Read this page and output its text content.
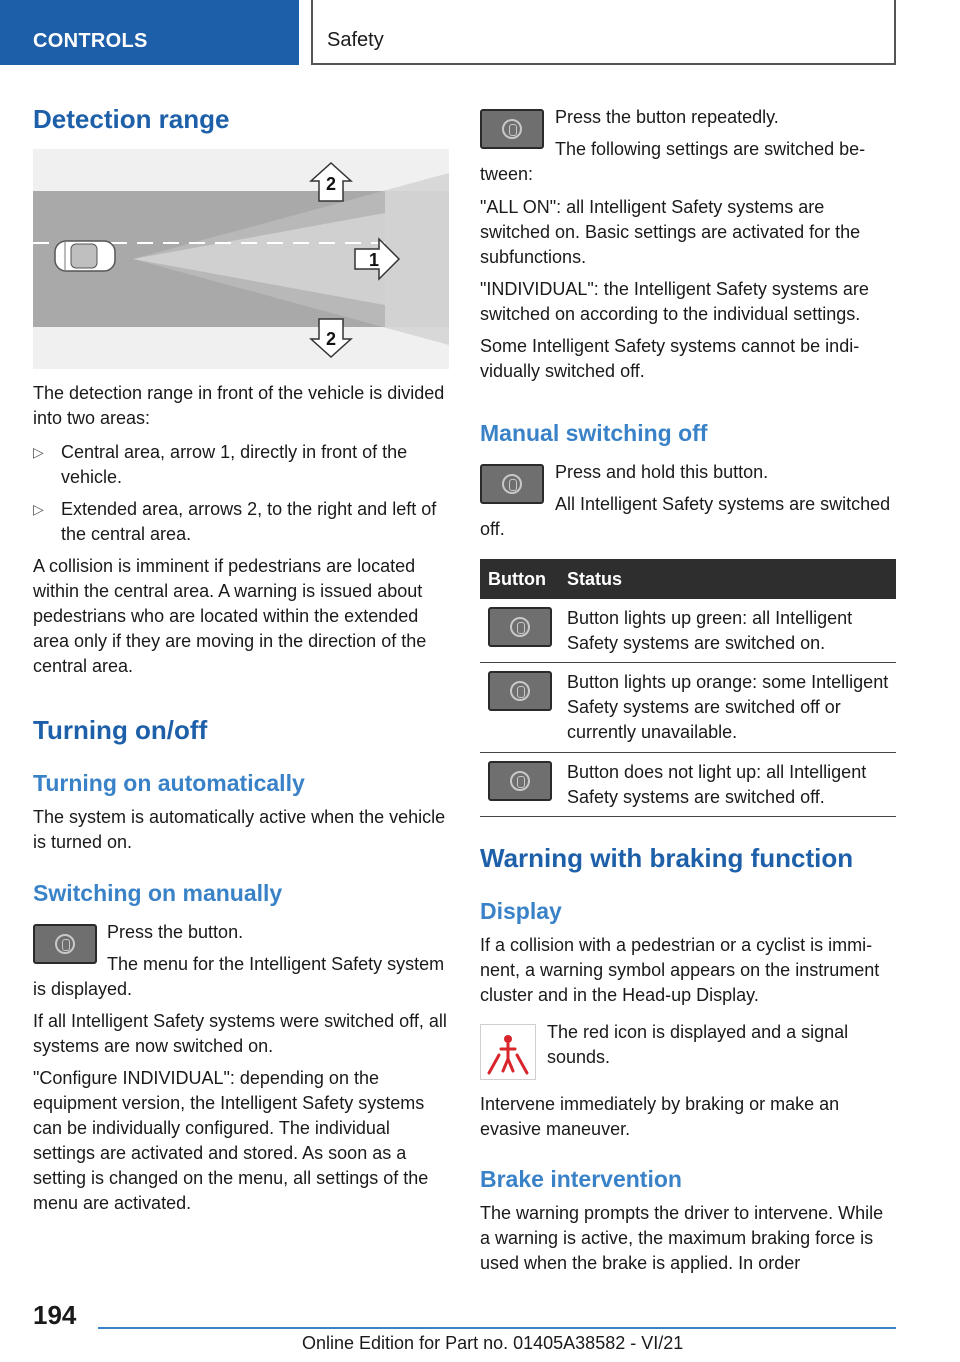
CONTROLS	Safety
Detection range
2
1
2
The detection range in front of the vehicle is divided into two areas:
▷ Central area, arrow 1, directly in front of the vehicle.
▷ Extended area, arrows 2, to the right and left of the central area.
A collision is imminent if pedestrians are located within the central area. A warning is issued about pedestrians who are located within the extended area only if they are moving in the direction of the central area.
Turning on/off
Turning on automatically
The system is automatically active when the vehicle is turned on.
Switching on manually
Press the button.
The menu for the Intelligent Safety system is displayed.
If all Intelligent Safety systems were switched off, all systems are now switched on.
"Configure INDIVIDUAL": depending on the equipment version, the Intelligent Safety systems can be individually configured. The individual settings are activated and stored. As soon as a setting is changed on the menu, all settings of the menu are activated.
Press the button repeatedly.
The following settings are switched between:
"ALL ON": all Intelligent Safety systems are switched on. Basic settings are activated for the subfunctions.
"INDIVIDUAL": the Intelligent Safety systems are switched on according to the individual settings.
Some Intelligent Safety systems cannot be individually switched off.
Manual switching off
Press and hold this button.
All Intelligent Safety systems are switched off.
Button Status
Button lights up green: all Intelligent Safety systems are switched on.
Button lights up orange: some Intelligent Safety systems are switched off or currently unavailable.
Button does not light up: all Intelligent Safety systems are switched off.
Warning with braking function
Display
If a collision with a pedestrian or a cyclist is imminent, a warning symbol appears on the instrument cluster and in the Head-up Display.
The red icon is displayed and a signal sounds.
Intervene immediately by braking or make an evasive maneuver.
Brake intervention
The warning prompts the driver to intervene. While a warning is active, the maximum braking force is used when the brake is applied. In order
194
Online Edition for Part no. 01405A38582 - VI/21
